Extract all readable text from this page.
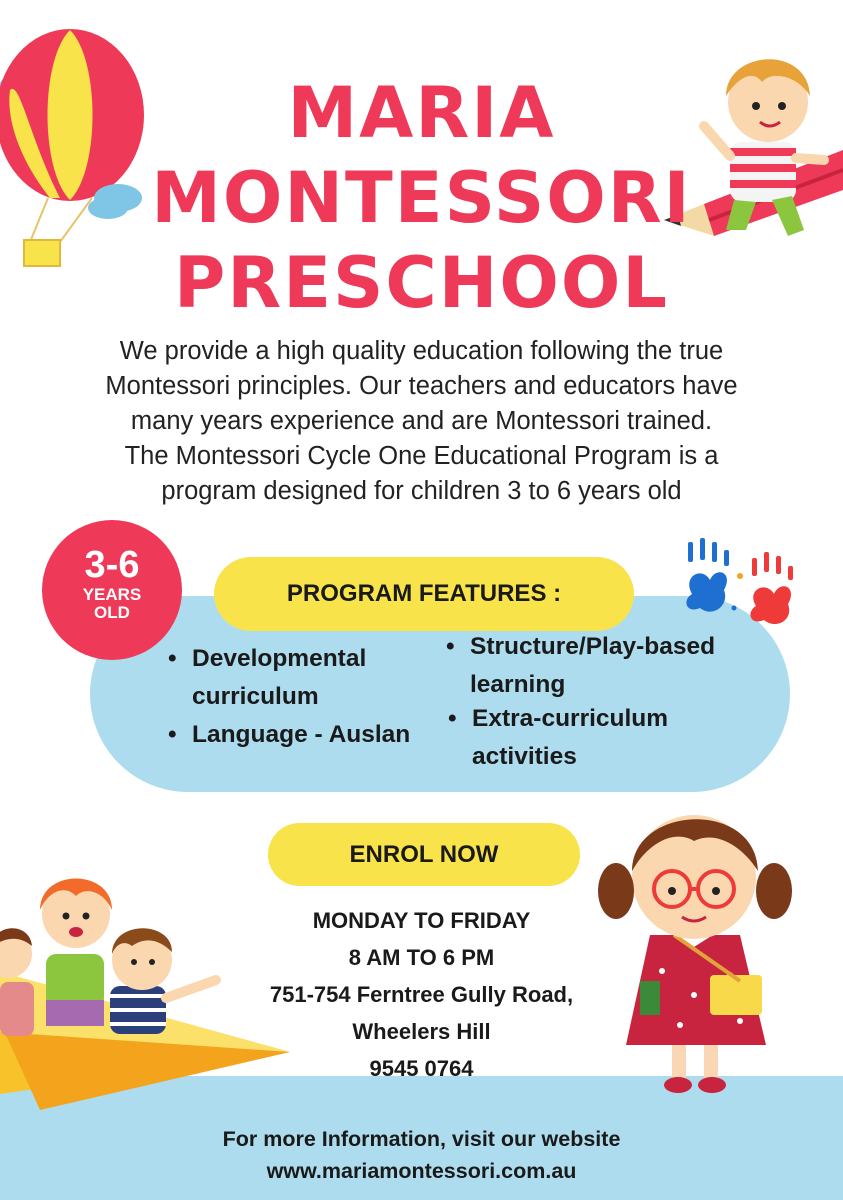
MARIA
MONTESSORI
PRESCHOOL
We provide a high quality education following the true
Montessori principles. Our teachers and educators have
many years experience and are Montessori trained.
The Montessori Cycle One Educational Program is a
program designed for children 3 to 6 years old
3-6
YEARS
OLD
PROGRAM FEATURES :
• Developmental curriculum
• Language - Auslan
• Structure/Play-based learning
• Extra-curriculum activities
ENROL NOW
MONDAY TO FRIDAY
8 AM TO 6 PM
751-754 Ferntree Gully Road,
Wheelers Hill
9545 0764
For more Information, visit our website
www.mariamontessori.com.au
